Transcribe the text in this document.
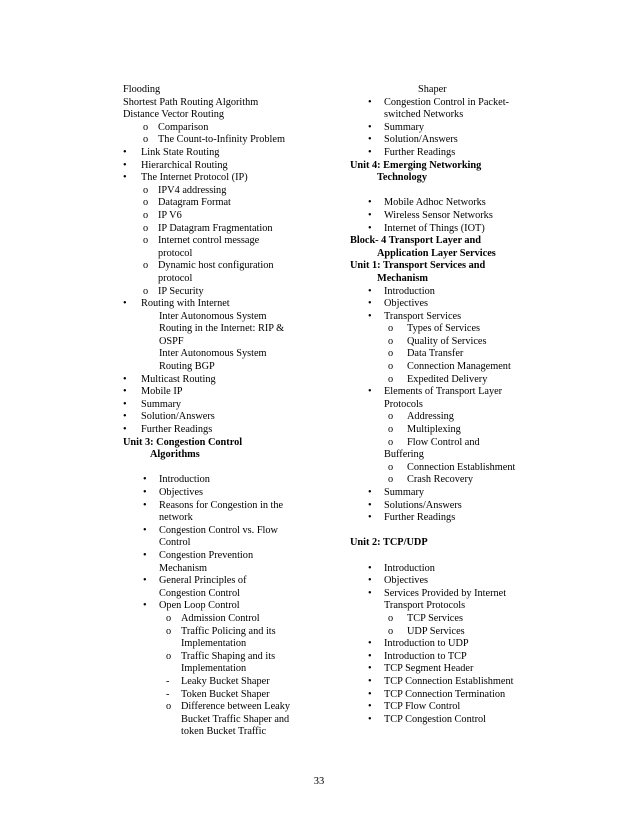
Flooding
Shortest Path Routing Algorithm
Distance Vector Routing
o Comparison
o The Count-to-Infinity Problem
• Link State Routing
• Hierarchical Routing
• The Internet Protocol (IP)
o IPV4 addressing
o Datagram Format
o IP V6
o IP Datagram Fragmentation
o Internet control message
protocol
o Dynamic host configuration
protocol
o IP Security
• Routing with Internet
Inter Autonomous System
Routing in the Internet: RIP &
OSPF
Inter Autonomous System
Routing BGP
• Multicast Routing
• Mobile IP
• Summary
• Solution/Answers
• Further Readings
Unit 3: Congestion Control
Algorithms
• Introduction
• Objectives
• Reasons for Congestion in the
network
• Congestion Control vs. Flow
Control
• Congestion Prevention
Mechanism
• General Principles of
Congestion Control
• Open Loop Control
o Admission Control
o Traffic Policing and its
Implementation
o Traffic Shaping and its
Implementation
- Leaky Bucket Shaper
- Token Bucket Shaper
o Difference between Leaky
Bucket Traffic Shaper and
token Bucket Traffic
Shaper
• Congestion Control in Packet-
switched Networks
• Summary
• Solution/Answers
• Further Readings
Unit 4: Emerging Networking
Technology
• Mobile Adhoc Networks
• Wireless Sensor Networks
• Internet of Things (IOT)
Block- 4 Transport Layer and
Application Layer Services
Unit 1: Transport Services and
Mechanism
• Introduction
• Objectives
• Transport Services
o Types of Services
o Quality of Services
o Data Transfer
o Connection Management
o Expedited Delivery
• Elements of Transport Layer
Protocols
o Addressing
o Multiplexing
o Flow Control and
Buffering
o Connection Establishment
o Crash Recovery
• Summary
• Solutions/Answers
• Further Readings
Unit 2: TCP/UDP
• Introduction
• Objectives
• Services Provided by Internet
Transport Protocols
o TCP Services
o UDP Services
• Introduction to UDP
• Introduction to TCP
• TCP Segment Header
• TCP Connection Establishment
• TCP Connection Termination
• TCP Flow Control
• TCP Congestion Control
33
